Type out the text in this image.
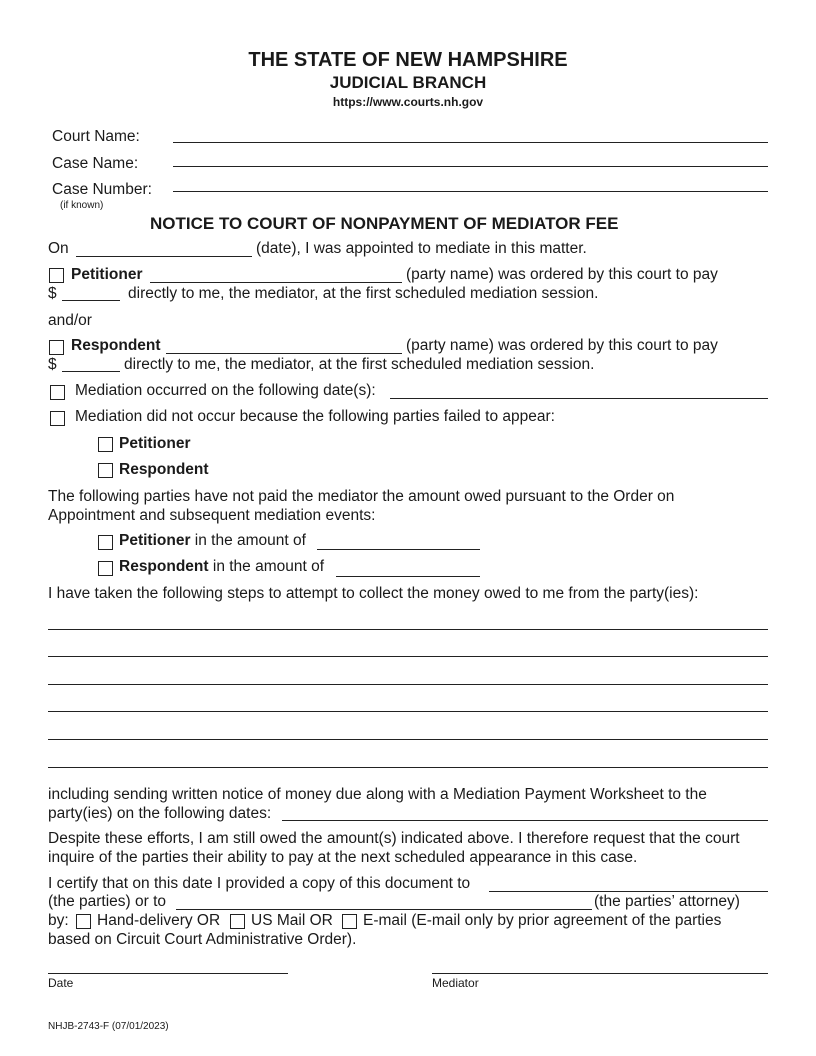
THE STATE OF NEW HAMPSHIRE
JUDICIAL BRANCH
https://www.courts.nh.gov
Court Name:
Case Name:
Case Number:
(if known)
NOTICE TO COURT OF NONPAYMENT OF MEDIATOR FEE
On	(date), I was appointed to mediate in this matter.
Petitioner	(party name) was ordered by this court to pay
$	directly to me, the mediator, at the first scheduled mediation session.
and/or
Respondent	(party name) was ordered by this court to pay
$	directly to me, the mediator, at the first scheduled mediation session.
Mediation occurred on the following date(s):
Mediation did not occur because the following parties failed to appear:
Petitioner
Respondent
The following parties have not paid the mediator the amount owed pursuant to the Order on
Appointment and subsequent mediation events:
Petitioner in the amount of
Respondent in the amount of
I have taken the following steps to attempt to collect the money owed to me from the party(ies):
including sending written notice of money due along with a Mediation Payment Worksheet to the
party(ies) on the following dates:
Despite these efforts, I am still owed the amount(s) indicated above. I therefore request that the court
inquire of the parties their ability to pay at the next scheduled appearance in this case.
I certify that on this date I provided a copy of this document to
(the parties) or to	(the parties’ attorney)
by: Hand-delivery OR US Mail OR E-mail (E-mail only by prior agreement of the parties
based on Circuit Court Administrative Order).
Date	Mediator
NHJB-2743-F (07/01/2023)
